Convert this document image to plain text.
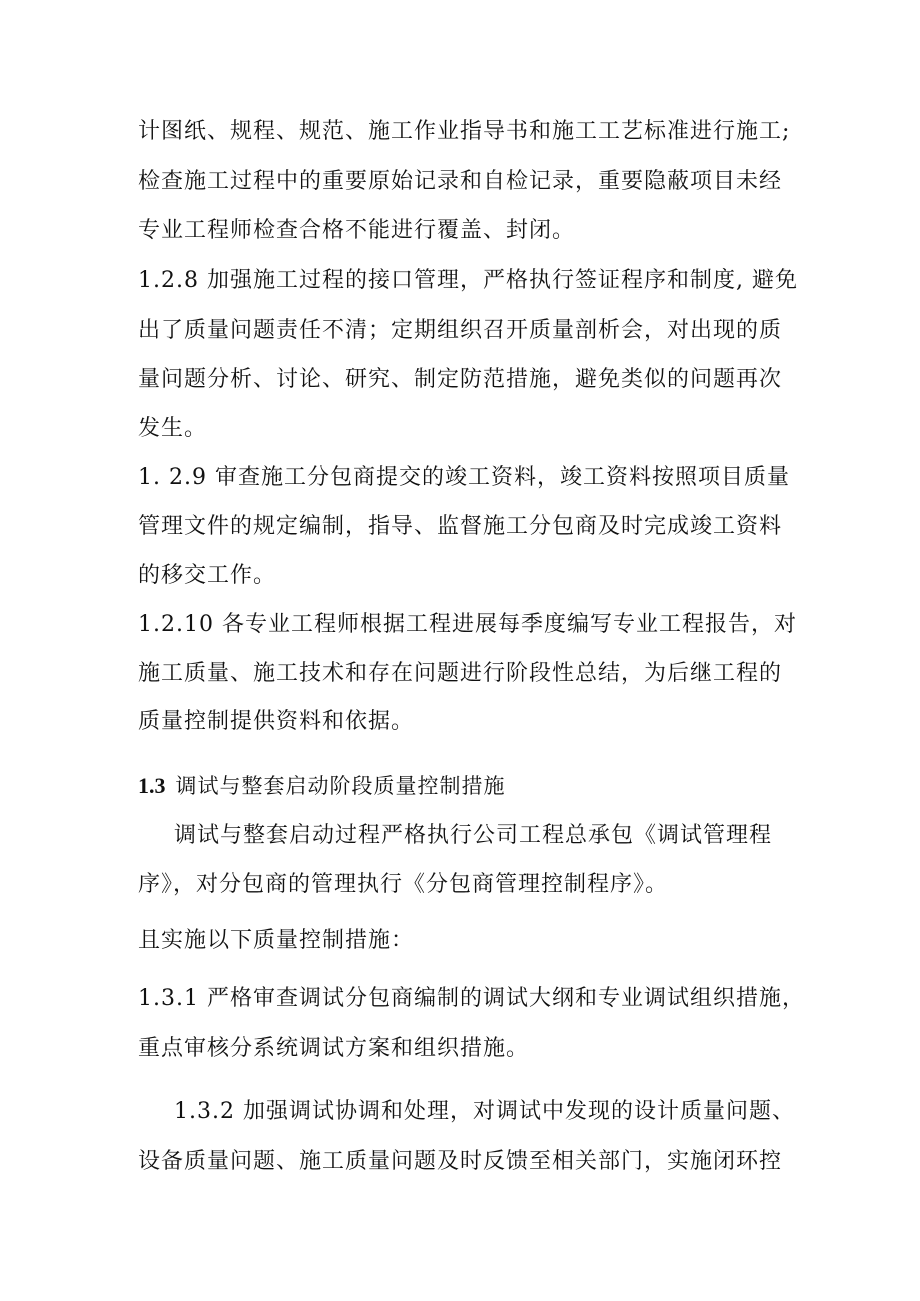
计图纸、规程、规范、施工作业指导书和施工工艺标准进行施工;
检查施工过程中的重要原始记录和自检记录，重要隐蔽项目未经
专业工程师检查合格不能进行覆盖、封闭。
1.2.8 加强施工过程的接口管理，严格执行签证程序和制度, 避免
出了质量问题责任不清；定期组织召开质量剖析会，对出现的质
量问题分析、讨论、研究、制定防范措施，避免类似的问题再次
发生。
1. 2.9 审查施工分包商提交的竣工资料，竣工资料按照项目质量
管理文件的规定编制，指导、监督施工分包商及时完成竣工资料
的移交工作。
1.2.10 各专业工程师根据工程进展每季度编写专业工程报告，对
施工质量、施工技术和存在问题进行阶段性总结，为后继工程的
质量控制提供资料和依据。
1.3 调试与整套启动阶段质量控制措施
调试与整套启动过程严格执行公司工程总承包《调试管理程
序》，对分包商的管理执行《分包商管理控制程序》。
且实施以下质量控制措施：
1.3.1 严格审查调试分包商编制的调试大纲和专业调试组织措施，
重点审核分系统调试方案和组织措施。
1.3.2 加强调试协调和处理，对调试中发现的设计质量问题、
设备质量问题、施工质量问题及时反馈至相关部门，实施闭环控
